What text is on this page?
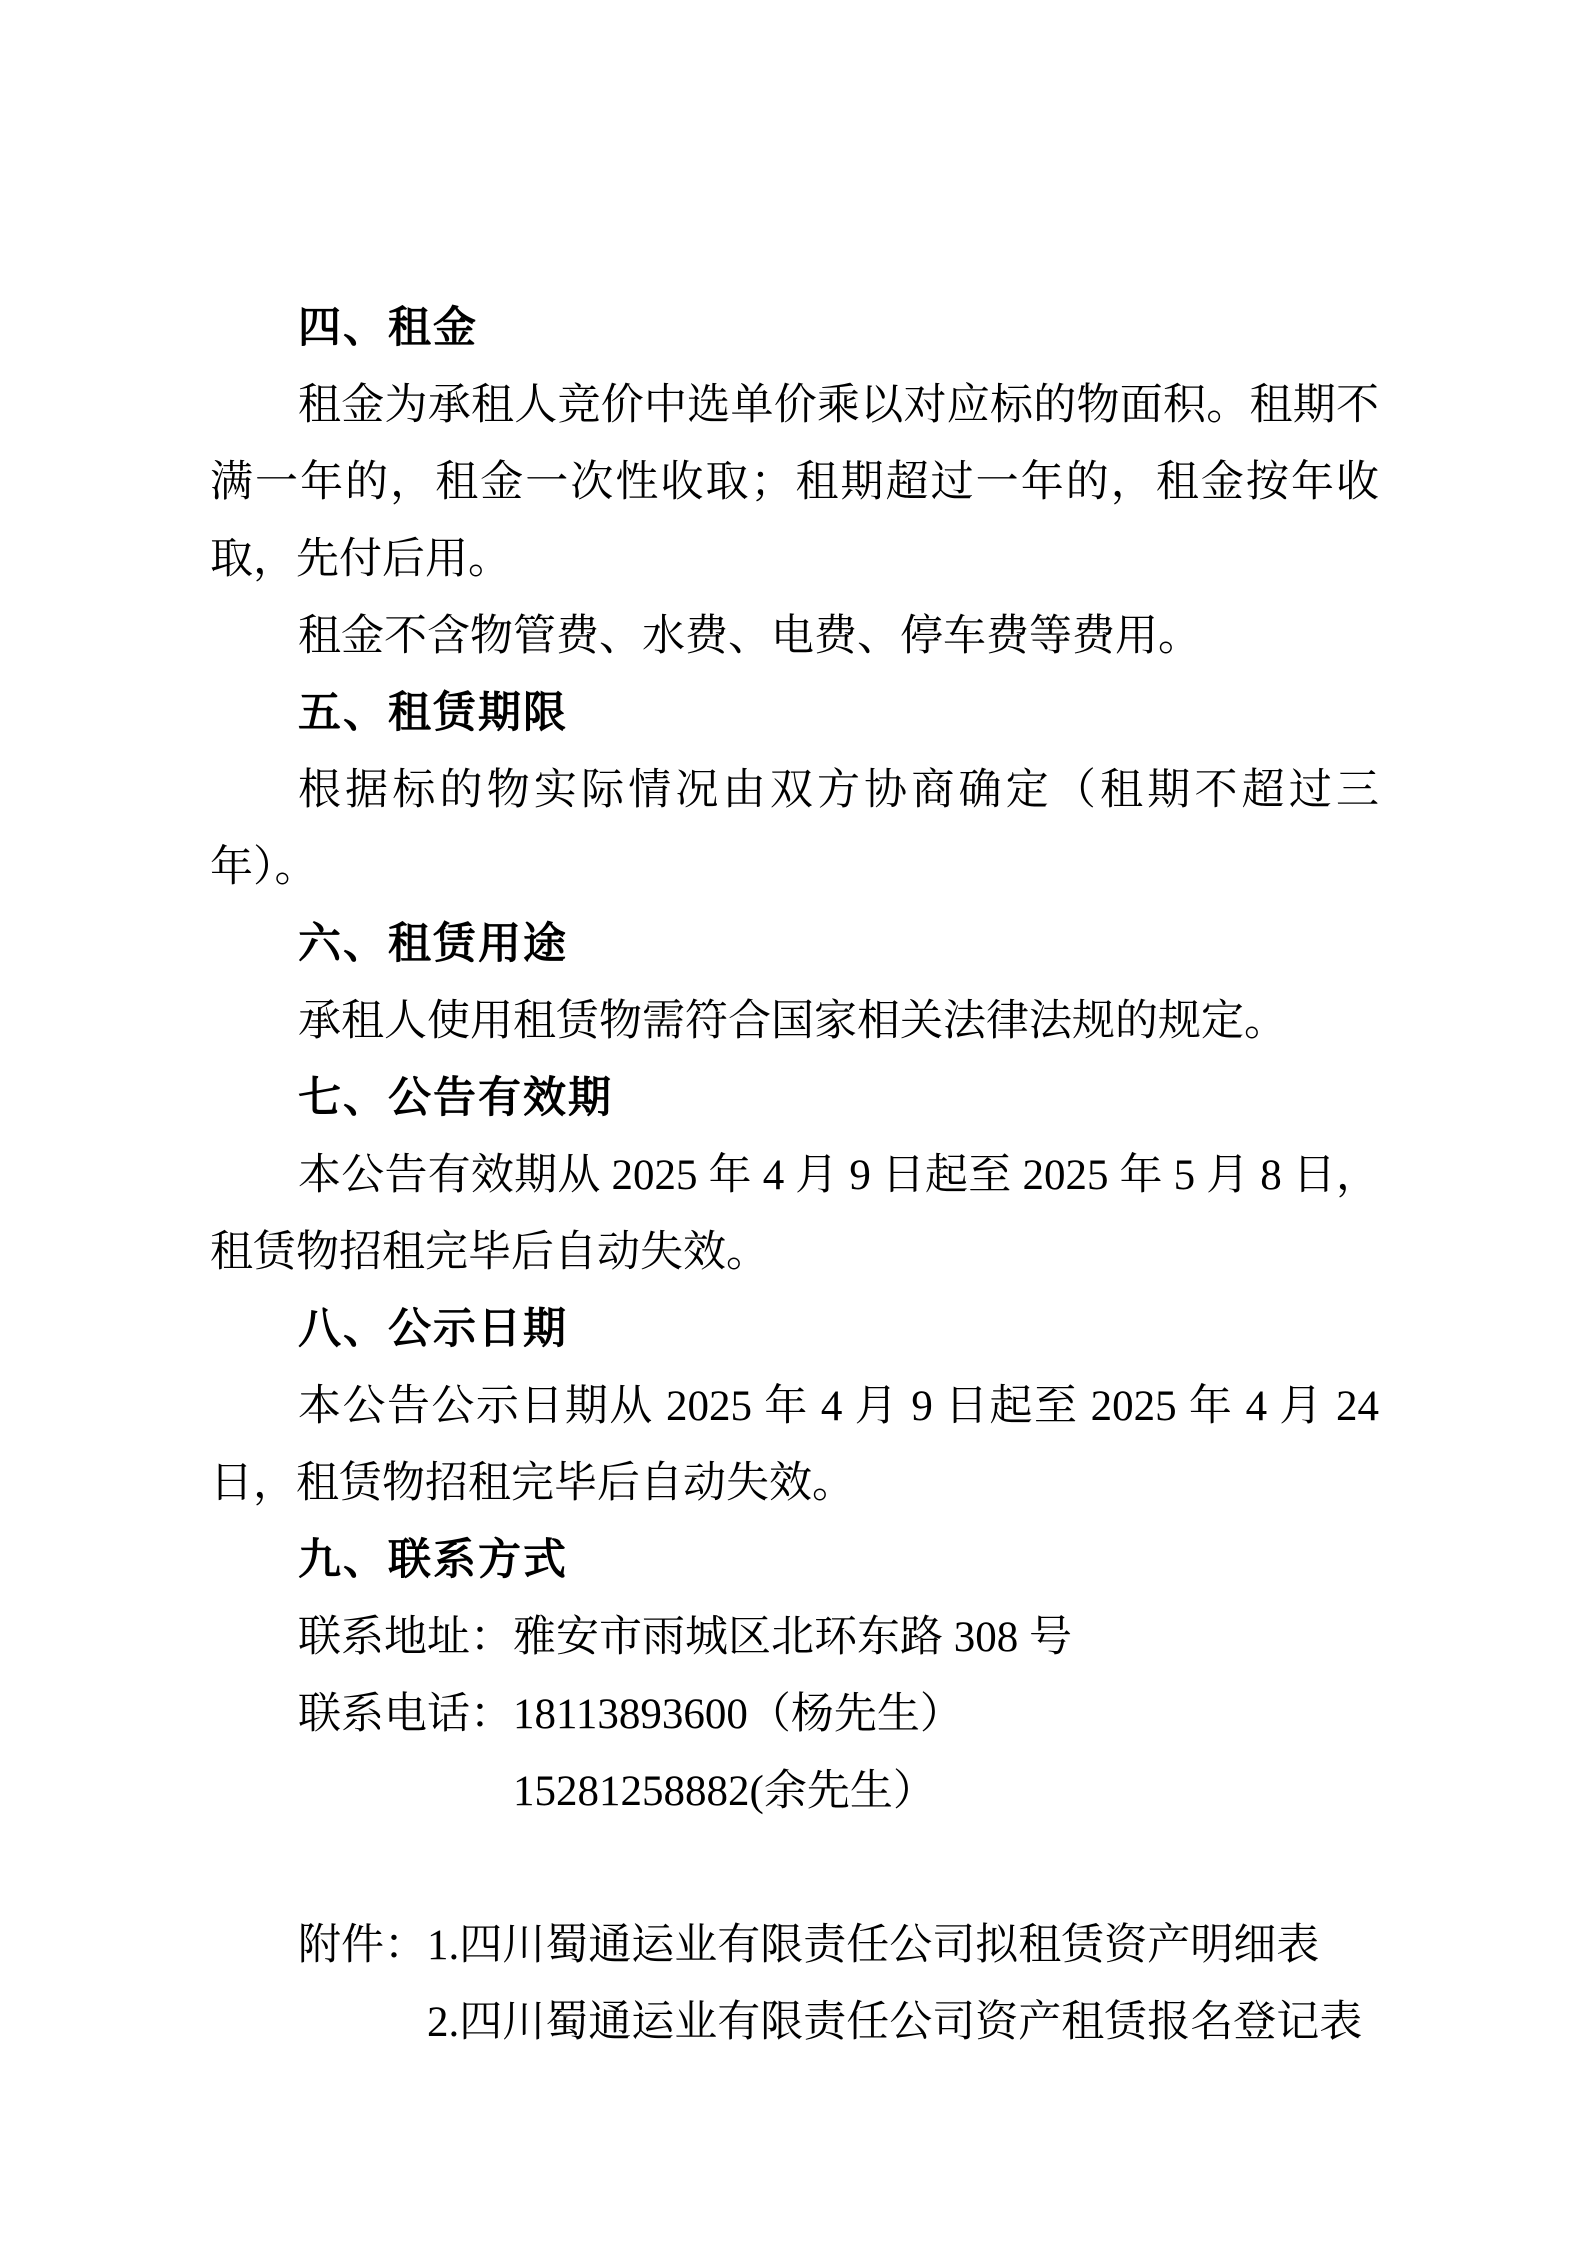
四、租金

租金为承租人竞价中选单价乘以对应标的物面积。租期不满一年的，租金一次性收取；租期超过一年的，租金按年收取，先付后用。

租金不含物管费、水费、电费、停车费等费用。

五、租赁期限

根据标的物实际情况由双方协商确定（租期不超过三年）。

六、租赁用途

承租人使用租赁物需符合国家相关法律法规的规定。

七、公告有效期

本公告有效期从 2025 年 4 月 9 日起至 2025 年 5 月 8 日，租赁物招租完毕后自动失效。

八、公示日期

本公告公示日期从 2025 年 4 月 9 日起至 2025 年 4 月 24 日，租赁物招租完毕后自动失效。

九、联系方式

联系地址：雅安市雨城区北环东路 308 号

联系电话：18113893600（杨先生）

15281258882(余先生）

附件：1.四川蜀通运业有限责任公司拟租赁资产明细表

2.四川蜀通运业有限责任公司资产租赁报名登记表
